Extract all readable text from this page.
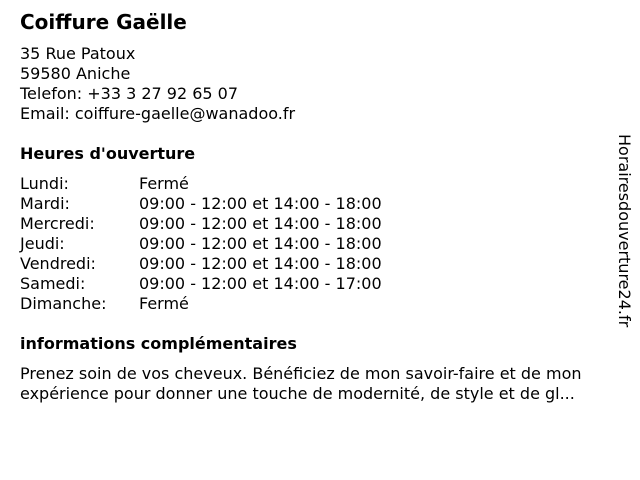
Coiffure Gaëlle
35 Rue Patoux
59580 Aniche
Telefon: +33 3 27 92 65 07
Email: coiffure-gaelle@wanadoo.fr
Heures d'ouverture
Lundi:	Fermé
Mardi:	09:00 - 12:00 et 14:00 - 18:00
Mercredi:	09:00 - 12:00 et 14:00 - 18:00
Jeudi:	09:00 - 12:00 et 14:00 - 18:00
Vendredi:	09:00 - 12:00 et 14:00 - 18:00
Samedi:	09:00 - 12:00 et 14:00 - 17:00
Dimanche: Fermé
informations complémentaires
Prenez soin de vos cheveux. Bénéficiez de mon savoir-faire et de mon
expérience pour donner une touche de modernité, de style et de gl...
Horairesdouverture24.fr
